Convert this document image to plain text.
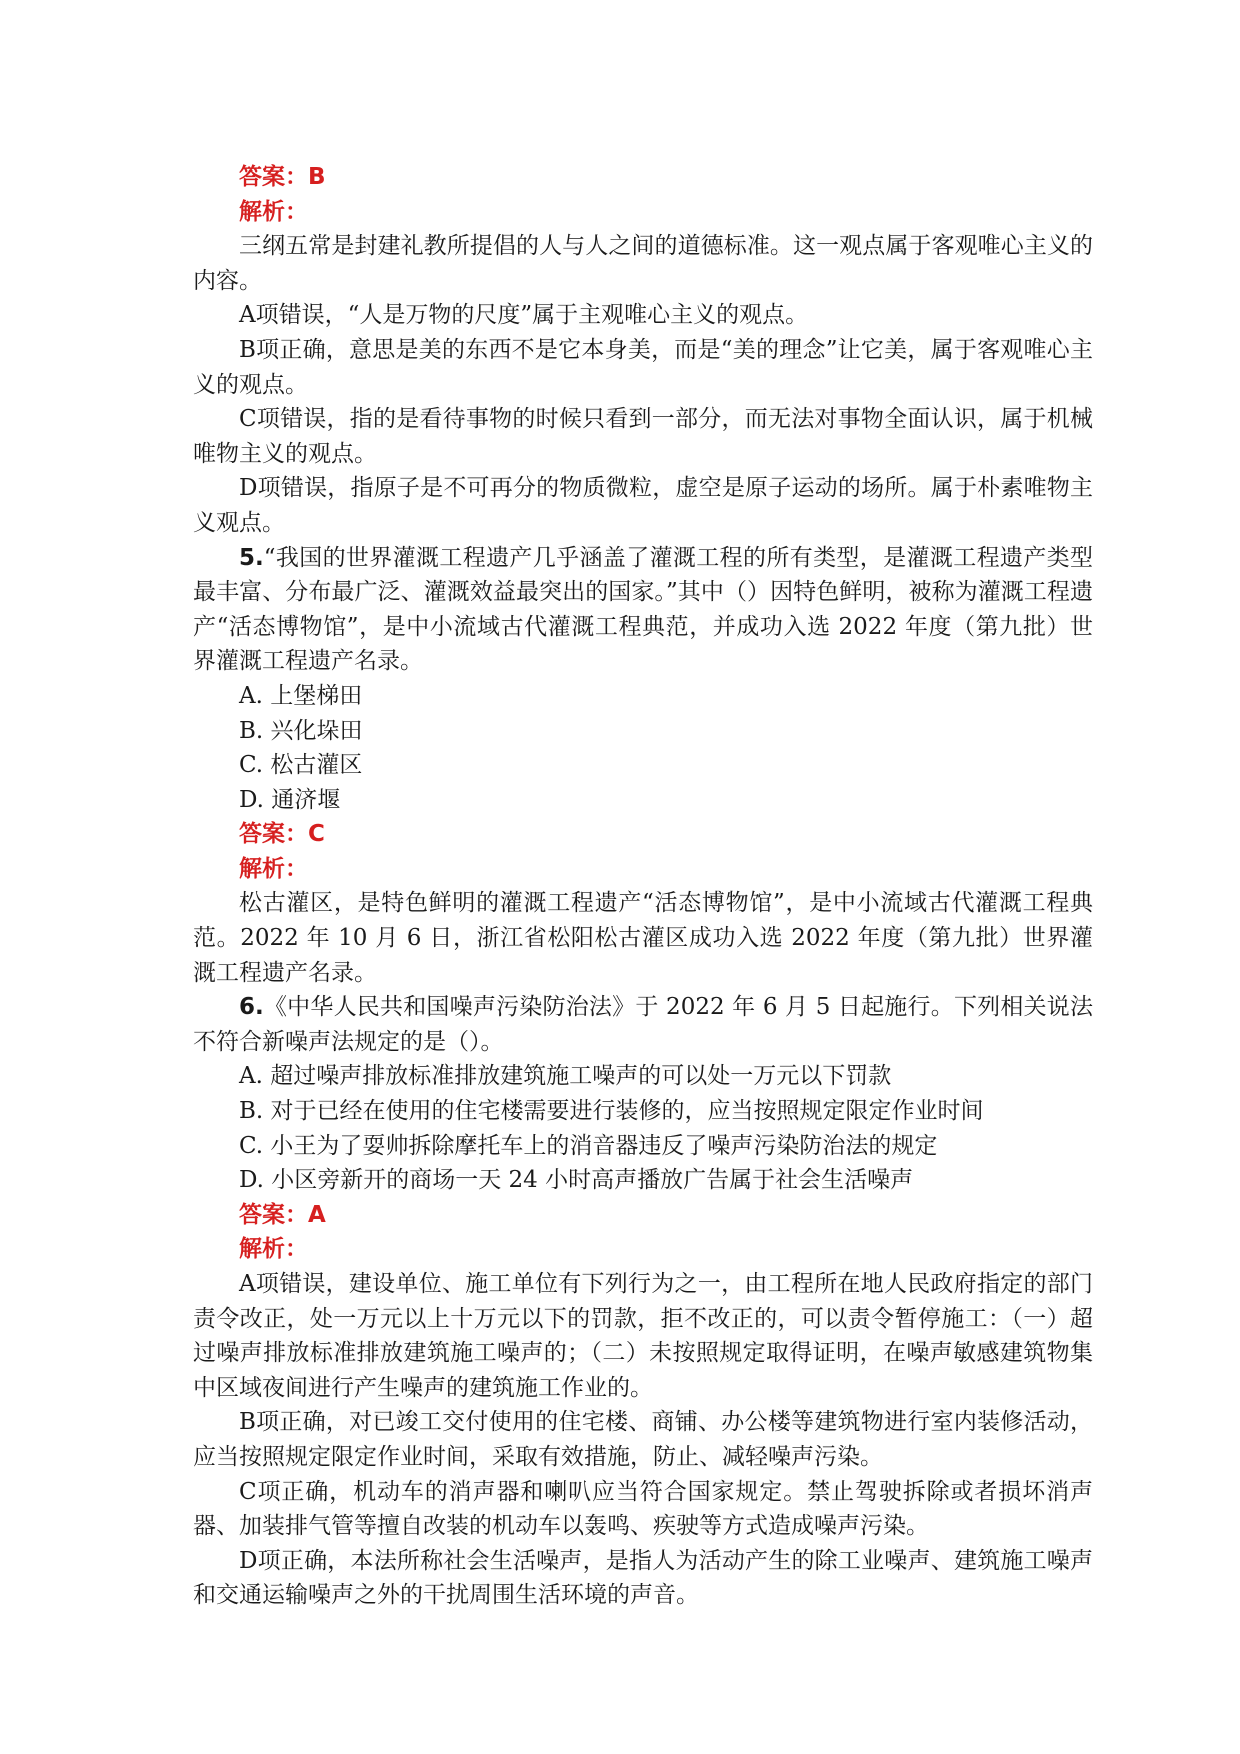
答案：B
解析：
三纲五常是封建礼教所提倡的人与人之间的道德标准。这一观点属于客观唯心主义的内容。
A项错误，“人是万物的尺度”属于主观唯心主义的观点。
B项正确，意思是美的东西不是它本身美，而是“美的理念”让它美，属于客观唯心主义的观点。
C项错误，指的是看待事物的时候只看到一部分，而无法对事物全面认识，属于机械唯物主义的观点。
D项错误，指原子是不可再分的物质微粒，虚空是原子运动的场所。属于朴素唯物主义观点。
5.“我国的世界灌溉工程遗产几乎涵盖了灌溉工程的所有类型，是灌溉工程遗产类型最丰富、分布最广泛、灌溉效益最突出的国家。”其中（）因特色鲜明，被称为灌溉工程遗产“活态博物馆”，是中小流域古代灌溉工程典范，并成功入选 2022 年度（第九批）世界灌溉工程遗产名录。
A. 上堡梯田
B. 兴化垛田
C. 松古灌区
D. 通济堰
答案：C
解析：
松古灌区，是特色鲜明的灌溉工程遗产“活态博物馆”，是中小流域古代灌溉工程典范。2022 年 10 月 6 日，浙江省松阳松古灌区成功入选 2022 年度（第九批）世界灌溉工程遗产名录。
6.《中华人民共和国噪声污染防治法》于 2022 年 6 月 5 日起施行。下列相关说法不符合新噪声法规定的是（）。
A. 超过噪声排放标准排放建筑施工噪声的可以处一万元以下罚款
B. 对于已经在使用的住宅楼需要进行装修的，应当按照规定限定作业时间
C. 小王为了耍帅拆除摩托车上的消音器违反了噪声污染防治法的规定
D. 小区旁新开的商场一天 24 小时高声播放广告属于社会生活噪声
答案：A
解析：
A项错误，建设单位、施工单位有下列行为之一，由工程所在地人民政府指定的部门责令改正，处一万元以上十万元以下的罚款，拒不改正的，可以责令暂停施工：（一）超过噪声排放标准排放建筑施工噪声的；（二）未按照规定取得证明，在噪声敏感建筑物集中区域夜间进行产生噪声的建筑施工作业的。
B项正确，对已竣工交付使用的住宅楼、商铺、办公楼等建筑物进行室内装修活动，应当按照规定限定作业时间，采取有效措施，防止、减轻噪声污染。
C项正确，机动车的消声器和喇叭应当符合国家规定。禁止驾驶拆除或者损坏消声器、加装排气管等擅自改装的机动车以轰鸣、疾驶等方式造成噪声污染。
D项正确，本法所称社会生活噪声，是指人为活动产生的除工业噪声、建筑施工噪声和交通运输噪声之外的干扰周围生活环境的声音。
